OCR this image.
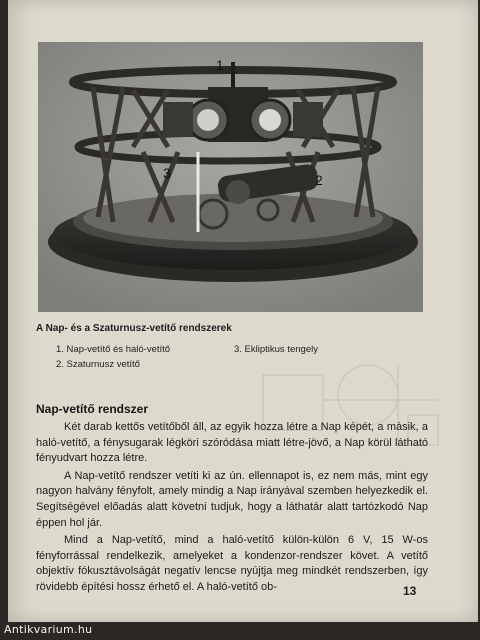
1
2
3
A Nap- és a Szaturnusz-vetítő rendszerek
1. Nap-vetítő és haló-vetítő
2. Szaturnusz vetítő
3. Ekliptikus tengely
Nap-vetítő rendszer

Két darab kettős vetítőből áll, az egyik hozza létre a Nap képét, a másik, a haló-vetítő, a fénysugarak légköri szóródása miatt létre-jövő, a Nap körül látható fényudvart hozza létre.

A Nap-vetítő rendszer vetíti ki az ún. ellennapot is, ez nem más, mint egy nagyon halvány fényfolt, amely mindig a Nap irányával szemben helyezkedik el. Segítségével előadás alatt követni tudjuk, hogy a láthatár alatt tartózkodó Nap éppen hol jár.

Mind a Nap-vetítő, mind a haló-vetítő külön-külön 6 V, 15 W-os fényforrással rendelkezik, amelyeket a kondenzor-rendszer követ. A vetítő objektív fókusztávolságát negatív lencse nyújtja meg mindkét rendszerben, így rövidebb építési hossz érhető el. A haló-vetítő ob-	13
Antikvarium.hu
